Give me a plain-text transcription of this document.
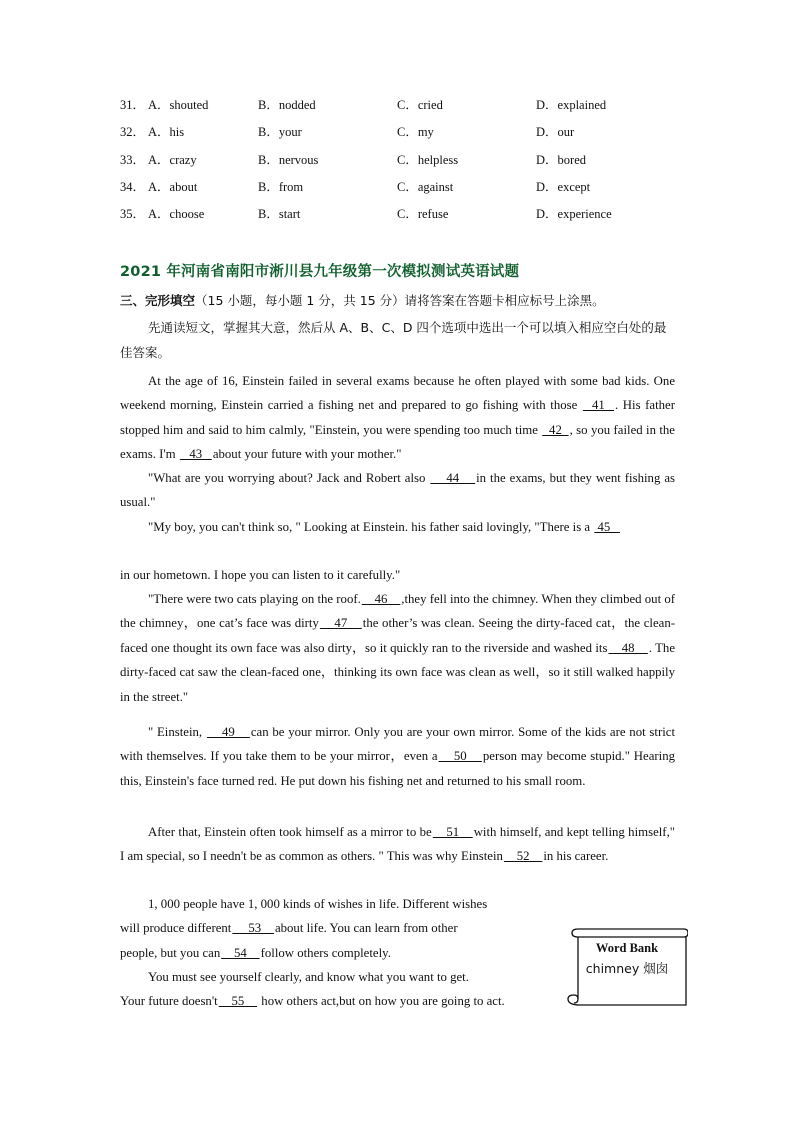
31． A．shouted	B．nodded	C．cried	D．explained
32． A．his	B．your	C．my	D．our
33． A．crazy	B．nervous	C．helpless	D．bored
34． A．about	B．from	C．against	D．except
35． A．choose	B．start	C．refuse	D．experience
2021 年河南省南阳市淅川县九年级第一次模拟测试英语试题
三、完形填空（15 小题，每小题 1 分，共 15 分）请将答案在答题卡相应标号上涂黑。
先通读短文，掌握其大意，然后从 A、B、C、D 四个选项中选出一个可以填入相应空白处的最佳答案。
At the age of 16, Einstein failed in several exams because he often played with some bad kids. One weekend morning, Einstein carried a fishing net and prepared to go fishing with those   41  . His father stopped him and said to him calmly, "Einstein, you were spending too much time   42  , so you failed in the exams. I'm    43   about your future with your mother."
"What are you worrying about? Jack and Robert also     44    in the exams, but they went fishing as usual."
"My boy, you can't think so, " Looking at Einstein. his father said lovingly, "There is a  45
in our hometown. I hope you can listen to it carefully."
"There were two cats playing on the roof.    46    ,they fell into the chimney. When they climbed out of the chimney，one cat’s face was dirty    47    the other’s was clean. Seeing the dirty-faced cat，the clean-faced one thought its own face was also dirty，so it quickly ran to the riverside and washed its    48    . The dirty-faced cat saw the clean-faced one，thinking its own face was clean as well，so it still walked happily in the street."
" Einstein,     49    can be your mirror. Only you are your own mirror. Some of the kids are not strict with themselves. If you take them to be your mirror，even a    50    person may become stupid." Hearing this, Einstein's face turned red. He put down his fishing net and returned to his small room.
After that, Einstein often took himself as a mirror to be    51    with himself, and kept telling himself," I am special, so I needn't be as common as others. " This was why Einstein    52    in his career.
1, 000 people have 1, 000 kinds of wishes in life. Different wishes
will produce different     53    about life. You can learn from other
people, but you can    54    follow others completely.
You must see yourself clearly, and know what you want to get.
Your future doesn't    55     how others act,but on how you are going to act.
Word Bank
chimney 烟囱
